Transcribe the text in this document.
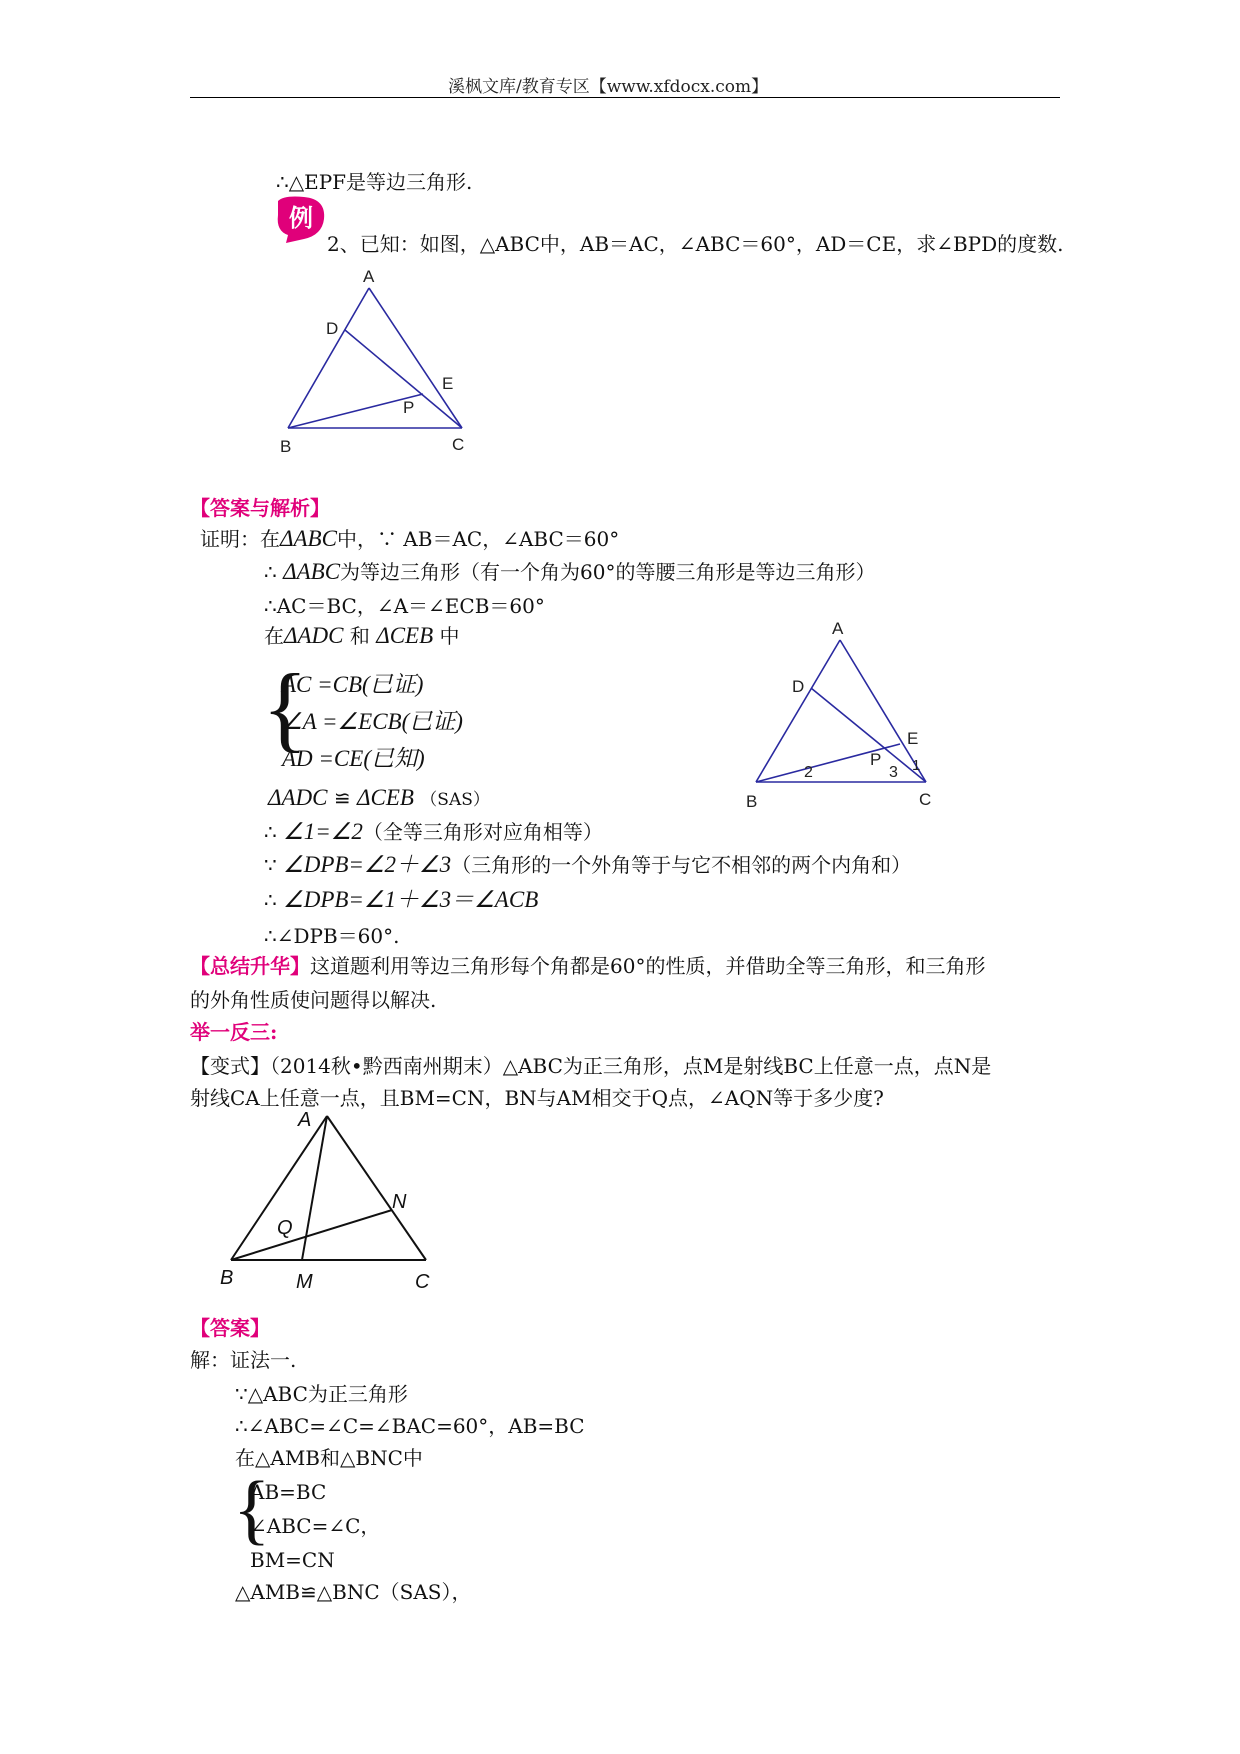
溪枫文库/教育专区【www.xfdocx.com】
∴△EPF是等边三角形.
例
2、已知：如图，△ABC中，AB＝AC，∠ABC＝60°，AD＝CE，求∠BPD的度数.
A
D
E
P
B	C
【答案与解析】
证明：在ΔABC中，∵ AB＝AC，∠ABC＝60°
∴ ΔABC为等边三角形（有一个角为60°的等腰三角形是等边三角形）
∴AC＝BC，∠A＝∠ECB＝60°
在ΔADC 和 ΔCEB 中
{
AC =CB(已证)
∠A =∠ECB(已证)
AD =CE(已知)
ΔADC ≌ ΔCEB （SAS）
∴ ∠1=∠2（全等三角形对应角相等）
∵ ∠DPB=∠2＋∠3（三角形的一个外角等于与它不相邻的两个内角和）
∴ ∠DPB=∠1＋∠3＝∠ACB
∴∠DPB＝60°.
A
D
E
P 1
2	3
B	C
【总结升华】这道题利用等边三角形每个角都是60°的性质，并借助全等三角形，和三角形
的外角性质使问题得以解决.
举一反三:
【变式】（2014秋•黔西南州期末）△ABC为正三角形，点M是射线BC上任意一点，点N是
射线CA上任意一点，且BM=CN，BN与AM相交于Q点，∠AQN等于多少度?
A
N
Q
B	M	C
【答案】
解：证法一.
∵△ABC为正三角形
∴∠ABC=∠C=∠BAC=60°，AB=BC
在△AMB和△BNC中
{
AB=BC
∠ABC=∠C，
BM=CN
△AMB≌△BNC（SAS），
